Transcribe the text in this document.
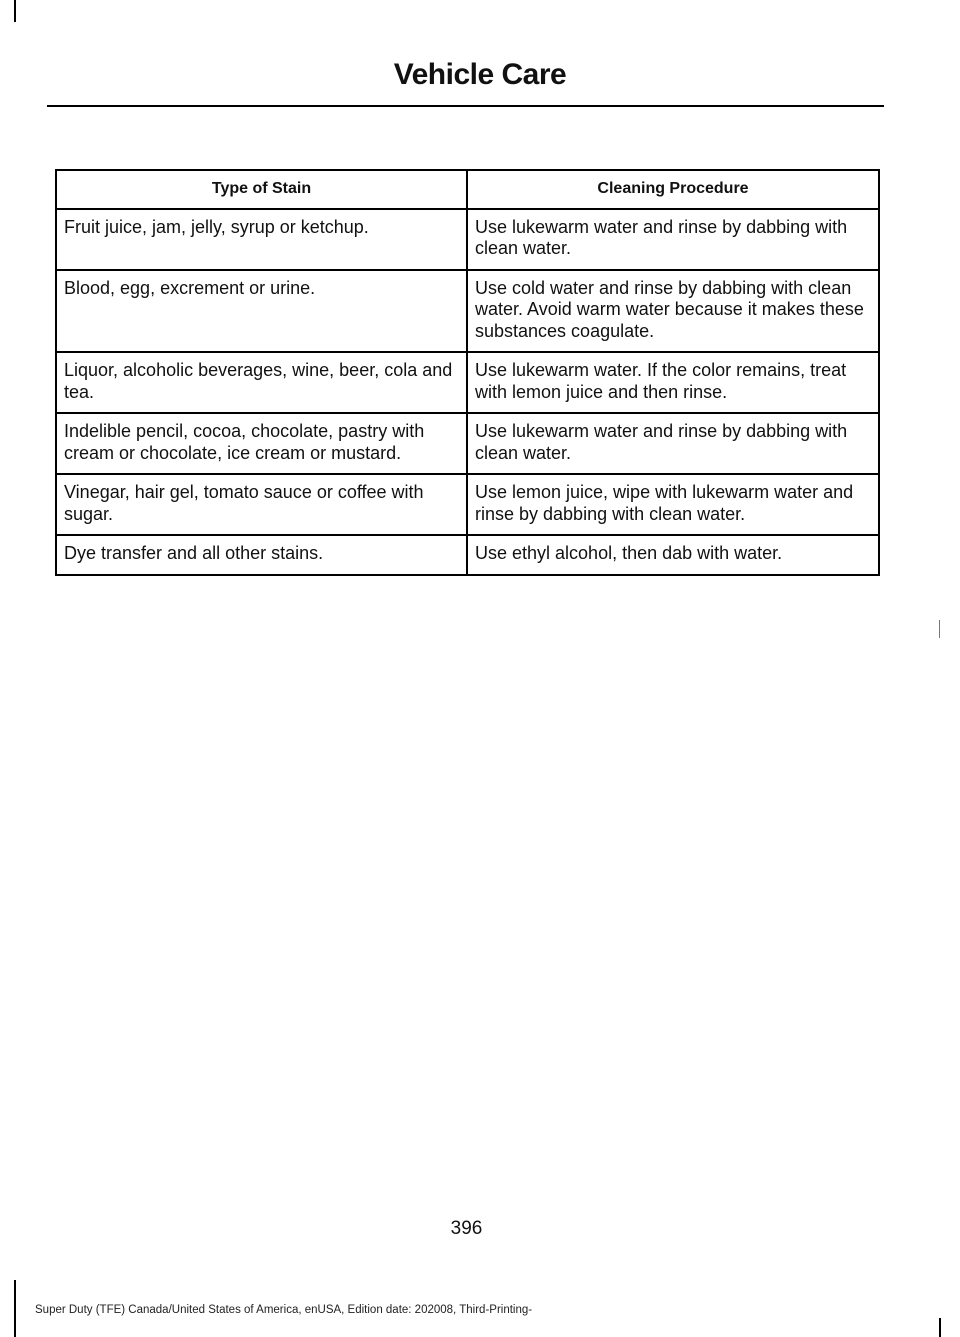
Vehicle Care
Type of Stain	Cleaning Procedure
Fruit juice, jam, jelly, syrup or ketchup.	Use lukewarm water and rinse by dabbing with clean water.
Blood, egg, excrement or urine.	Use cold water and rinse by dabbing with clean water. Avoid warm water because it makes these substances coagulate.
Liquor, alcoholic beverages, wine, beer, cola and tea.	Use lukewarm water. If the color remains, treat with lemon juice and then rinse.
Indelible pencil, cocoa, chocolate, pastry with cream or chocolate, ice cream or mustard.	Use lukewarm water and rinse by dabbing with clean water.
Vinegar, hair gel, tomato sauce or coffee with sugar.	Use lemon juice, wipe with lukewarm water and rinse by dabbing with clean water.
Dye transfer and all other stains.	Use ethyl alcohol, then dab with water.
396
Super Duty (TFE) Canada/United States of America, enUSA, Edition date: 202008, Third-Printing-
